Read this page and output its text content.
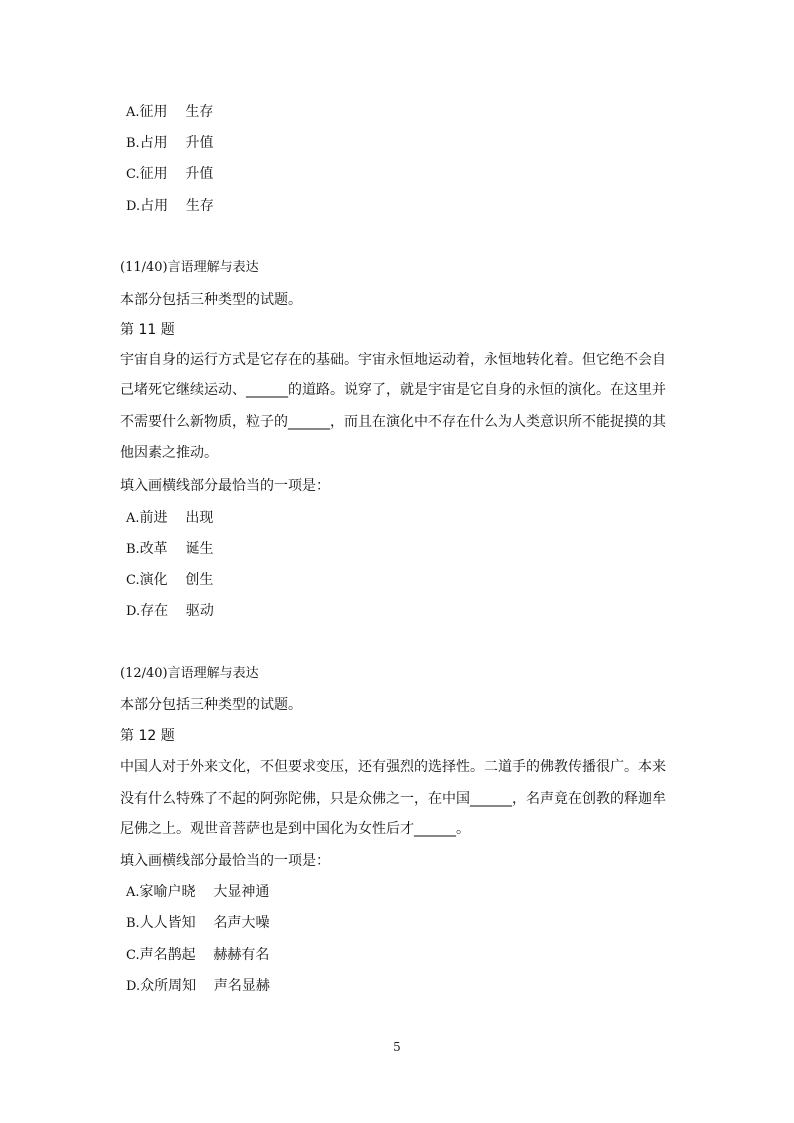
A.征用    生存
B.占用    升值
C.征用    升值
D.占用    生存
(11/40)言语理解与表达
本部分包括三种类型的试题。
第 11 题
宇宙自身的运行方式是它存在的基础。宇宙永恒地运动着，永恒地转化着。但它绝不会自
己堵死它继续运动、______的道路。说穿了，就是宇宙是它自身的永恒的演化。在这里并
不需要什么新物质，粒子的______，而且在演化中不存在什么为人类意识所不能捉摸的其
他因素之推动。
填入画横线部分最恰当的一项是：
A.前进    出现
B.改革    诞生
C.演化    创生
D.存在    驱动
(12/40)言语理解与表达
本部分包括三种类型的试题。
第 12 题
中国人对于外来文化，不但要求变压，还有强烈的选择性。二道手的佛教传播很广。本来
没有什么特殊了不起的阿弥陀佛，只是众佛之一，在中国______，名声竟在创教的释迦牟
尼佛之上。观世音菩萨也是到中国化为女性后才______。
填入画横线部分最恰当的一项是：
A.家喻户晓    大显神通
B.人人皆知    名声大噪
C.声名鹊起    赫赫有名
D.众所周知    声名显赫
5
